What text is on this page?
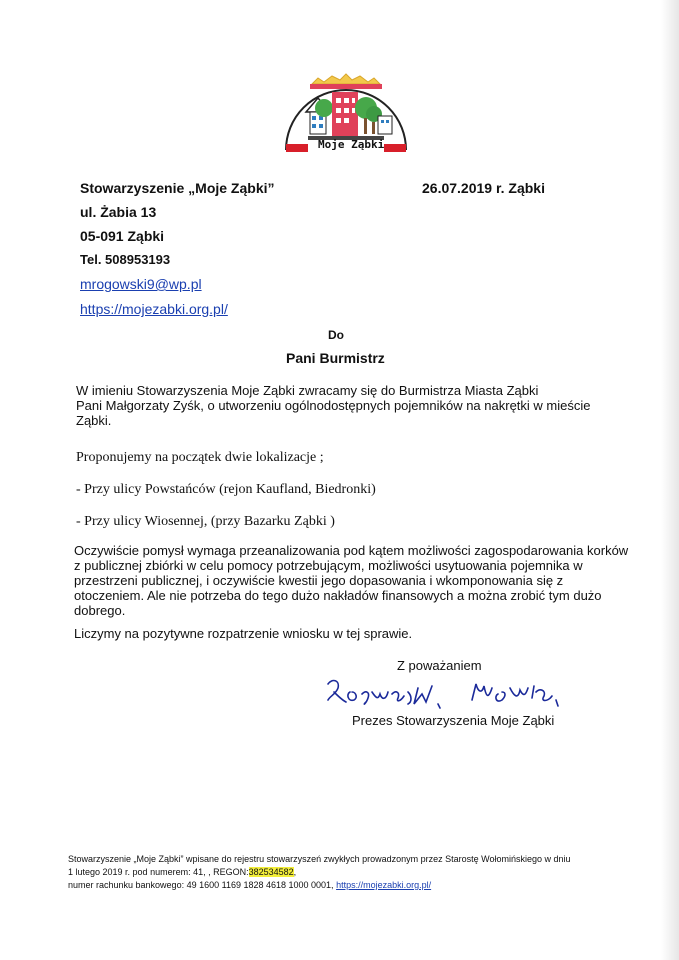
Moje Ząbki
Stowarzyszenie „Moje Ząbki”
ul. Żabia 13
05-091 Ząbki
Tel. 508953193
mrogowski9@wp.pl
https://mojezabki.org.pl/
26.07.2019 r. Ząbki
Do
Pani Burmistrz
W imieniu Stowarzyszenia Moje Ząbki zwracamy się do Burmistrza Miasta Ząbki
Pani Małgorzaty Zyśk, o utworzeniu ogólnodostępnych pojemników na nakrętki w mieście
Ząbki.
Proponujemy na początek dwie lokalizacje ;
- Przy ulicy Powstańców (rejon Kaufland, Biedronki)
- Przy ulicy Wiosennej, (przy Bazarku Ząbki )
Oczywiście pomysł wymaga przeanalizowania pod kątem możliwości zagospodarowania korków
z publicznej zbiórki w celu pomocy potrzebującym, możliwości usytuowania pojemnika w
przestrzeni publicznej, i oczywiście kwestii jego dopasowania i wkomponowania się z
otoczeniem. Ale nie potrzeba do tego dużo nakładów finansowych a można zrobić tym dużo
dobrego.
Liczymy na pozytywne rozpatrzenie wniosku w tej sprawie.
Z poważaniem
Prezes Stowarzyszenia Moje Ząbki
Stowarzyszenie „Moje Ząbki” wpisane do rejestru stowarzyszeń zwykłych prowadzonym przez Starostę Wołomińskiego w dniu
1 lutego 2019 r. pod numerem: 41, , REGON:382534582,
numer rachunku bankowego: 49 1600 1169 1828 4618 1000 0001, https://mojezabki.org.pl/
